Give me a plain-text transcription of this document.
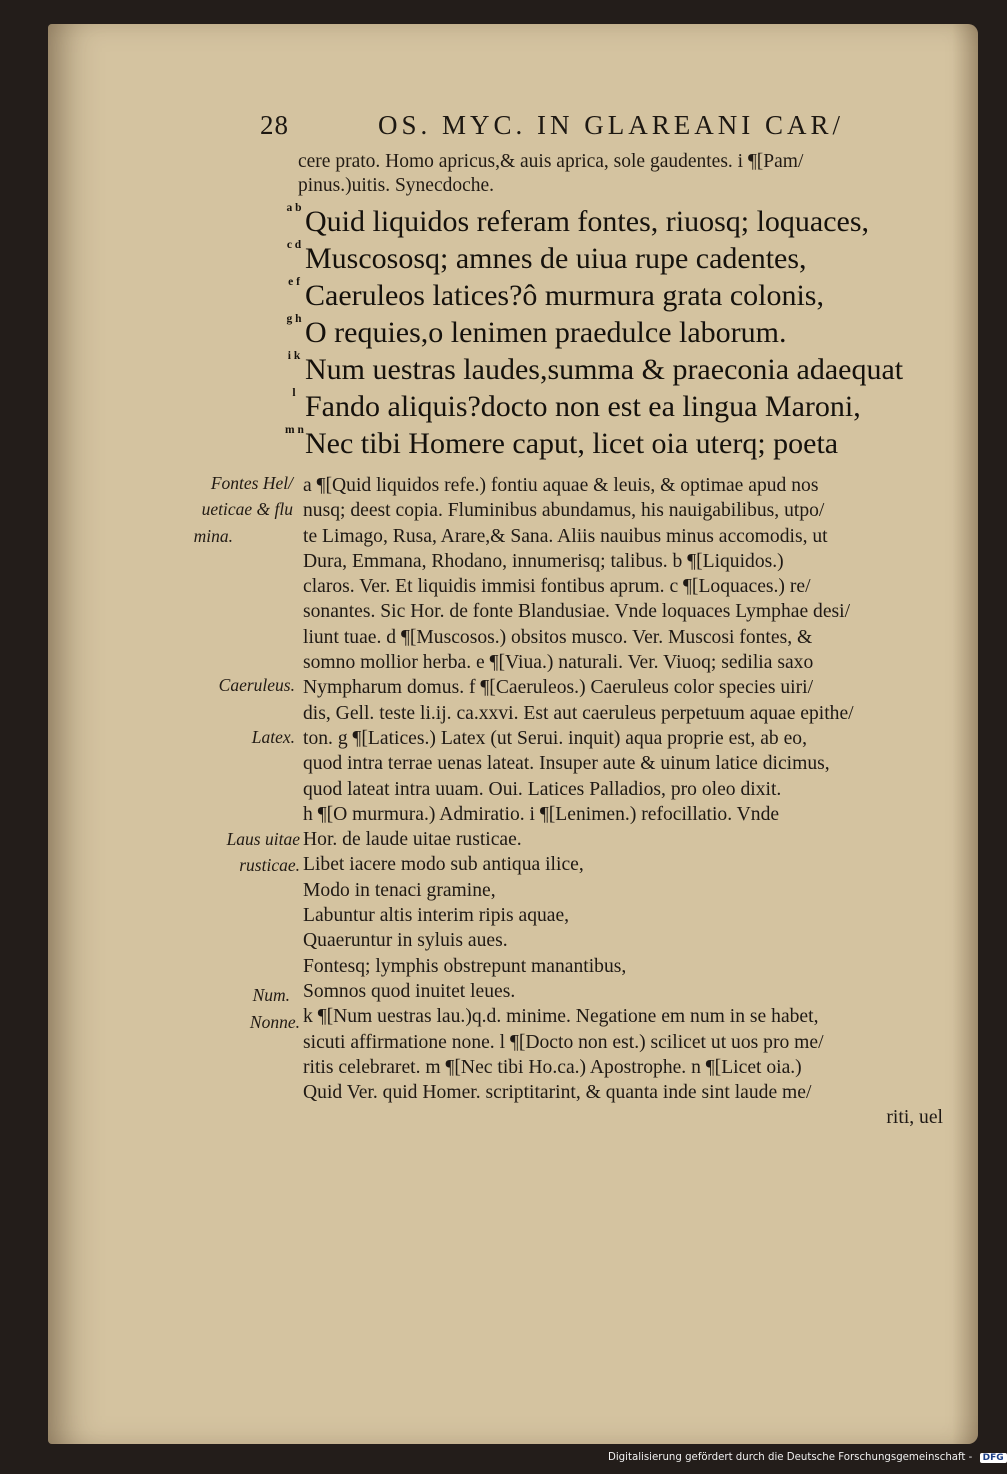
28	OS. MYC. IN GLAREANI CAR/
cere prato. Homo apricus,& auis aprica, sole gaudentes. i ¶[Pam/
pinus.)uitis. Synecdoche.
a b Quid liquidos referam fontes, riuosq; loquaces,
c d Muscososq; amnes de uiua rupe cadentes,
e f Caeruleos latices?ô murmura grata colonis,
g h O requies,o lenimen praedulce laborum.
i k Num uestras laudes,summa & praeconia adaequat
l Fando aliquis?docto non est ea lingua Maroni,
m n Nec tibi Homere caput, licet oia uterq; poeta
Fontes Hel/
ueticae & flu
mina.
Caeruleus.
Latex.
Laus uitae
rusticae.
Num.
Nonne.
a ¶[Quid liquidos refe.) fontiu aquae & leuis, & optimae apud nos
nusq; deest copia. Fluminibus abundamus, his nauigabilibus, utpo/
te Limago, Rusa, Arare,& Sana. Aliis nauibus minus accomodis, ut
Dura, Emmana, Rhodano, innumerisq; talibus. b ¶[Liquidos.)
claros. Ver. Et liquidis immisi fontibus aprum. c ¶[Loquaces.) re/
sonantes. Sic Hor. de fonte Blandusiae. Vnde loquaces Lymphae desi/
liunt tuae. d ¶[Muscosos.) obsitos musco. Ver. Muscosi fontes, &
somno mollior herba. e ¶[Viua.) naturali. Ver. Viuoq; sedilia saxo
Nympharum domus. f ¶[Caeruleos.) Caeruleus color species uiri/
dis, Gell. teste li.ij. ca.xxvi. Est aut caeruleus perpetuum aquae epithe/
ton. g ¶[Latices.) Latex (ut Serui. inquit) aqua proprie est, ab eo,
quod intra terrae uenas lateat. Insuper aute & uinum latice dicimus,
quod lateat intra uuam. Oui. Latices Palladios, pro oleo dixit.
h ¶[O murmura.) Admiratio. i ¶[Lenimen.) refocillatio. Vnde
Hor. de laude uitae rusticae.
Libet iacere modo sub antiqua ilice,
Modo in tenaci gramine,
Labuntur altis interim ripis aquae,
Quaeruntur in syluis aues.
Fontesq; lymphis obstrepunt manantibus,
Somnos quod inuitet leues.
k ¶[Num uestras lau.)q.d. minime. Negatione em num in se habet,
sicuti affirmatione none. l ¶[Docto non est.) scilicet ut uos pro me/
ritis celebraret. m ¶[Nec tibi Ho.ca.) Apostrophe. n ¶[Licet oia.)
Quid Ver. quid Homer. scriptitarint, & quanta inde sint laude me/
riti, uel
Digitalisierung gefördert durch die Deutsche Forschungsgemeinschaft - DFG
